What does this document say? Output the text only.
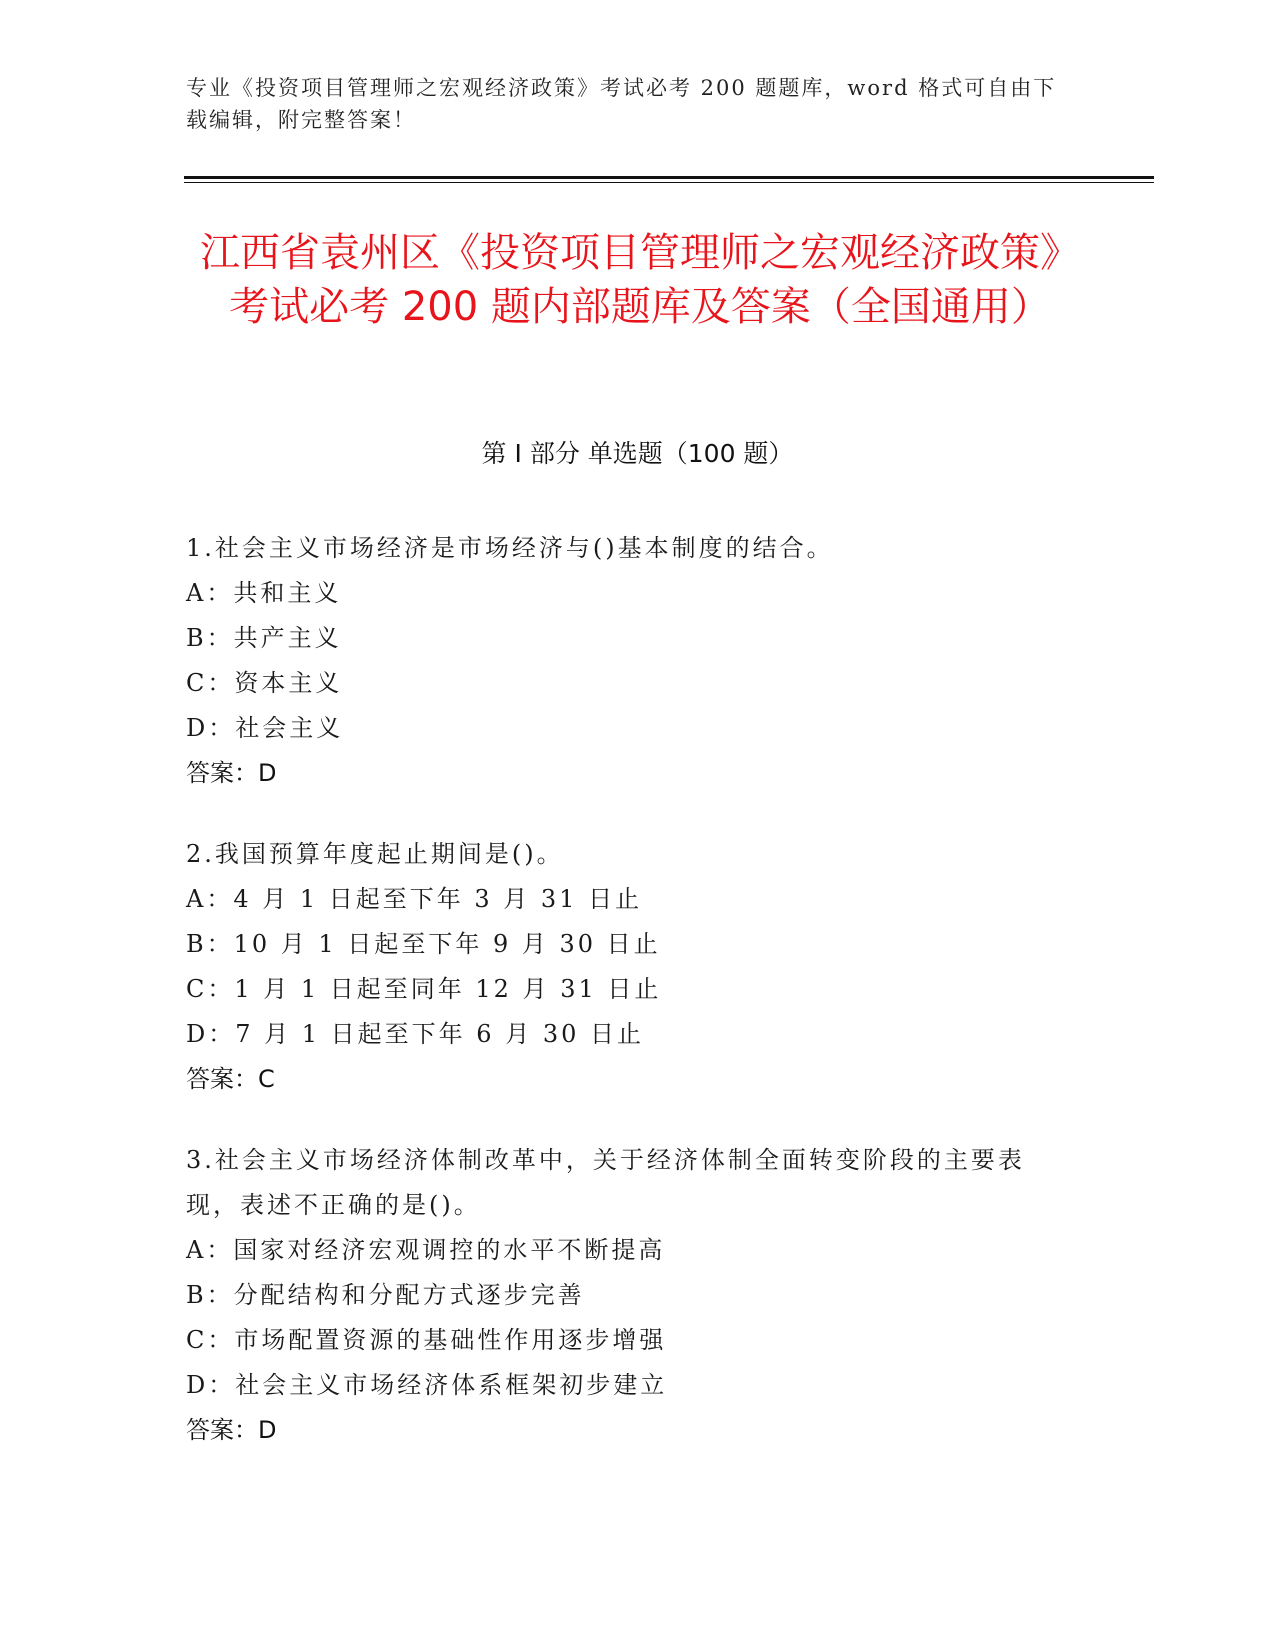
专业《投资项目管理师之宏观经济政策》考试必考 200 题题库，word 格式可自由下载编辑，附完整答案！
江西省袁州区《投资项目管理师之宏观经济政策》考试必考 200 题内部题库及答案（全国通用）
第 I 部分 单选题（100 题）
1.社会主义市场经济是市场经济与()基本制度的结合。
A：共和主义
B：共产主义
C：资本主义
D：社会主义
答案：D
2.我国预算年度起止期间是()。
A：4 月 1 日起至下年 3 月 31 日止
B：10 月 1 日起至下年 9 月 30 日止
C：1 月 1 日起至同年 12 月 31 日止
D：7 月 1 日起至下年 6 月 30 日止
答案：C
3.社会主义市场经济体制改革中，关于经济体制全面转变阶段的主要表现，表述不正确的是()。
A：国家对经济宏观调控的水平不断提高
B：分配结构和分配方式逐步完善
C：市场配置资源的基础性作用逐步增强
D：社会主义市场经济体系框架初步建立
答案：D
